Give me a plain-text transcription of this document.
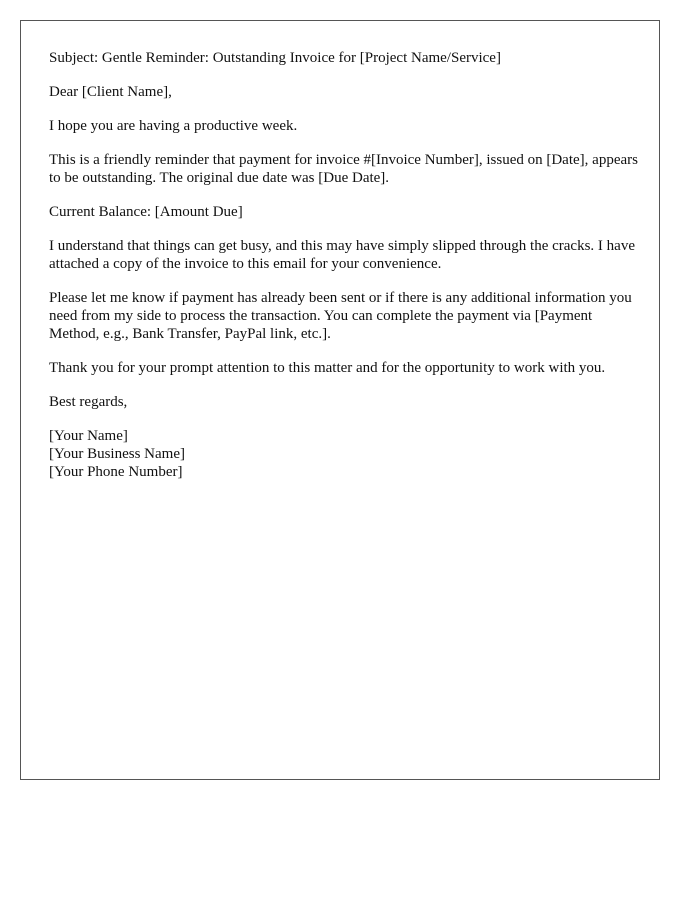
Subject: Gentle Reminder: Outstanding Invoice for [Project Name/Service]

Dear [Client Name],

I hope you are having a productive week.

This is a friendly reminder that payment for invoice #[Invoice Number], issued on [Date], appears to be outstanding. The original due date was [Due Date].

Current Balance: [Amount Due]

I understand that things can get busy, and this may have simply slipped through the cracks. I have attached a copy of the invoice to this email for your convenience.

Please let me know if payment has already been sent or if there is any additional information you need from my side to process the transaction. You can complete the payment via [Payment Method, e.g., Bank Transfer, PayPal link, etc.].

Thank you for your prompt attention to this matter and for the opportunity to work with you.

Best regards,

[Your Name]
[Your Business Name]
[Your Phone Number]
